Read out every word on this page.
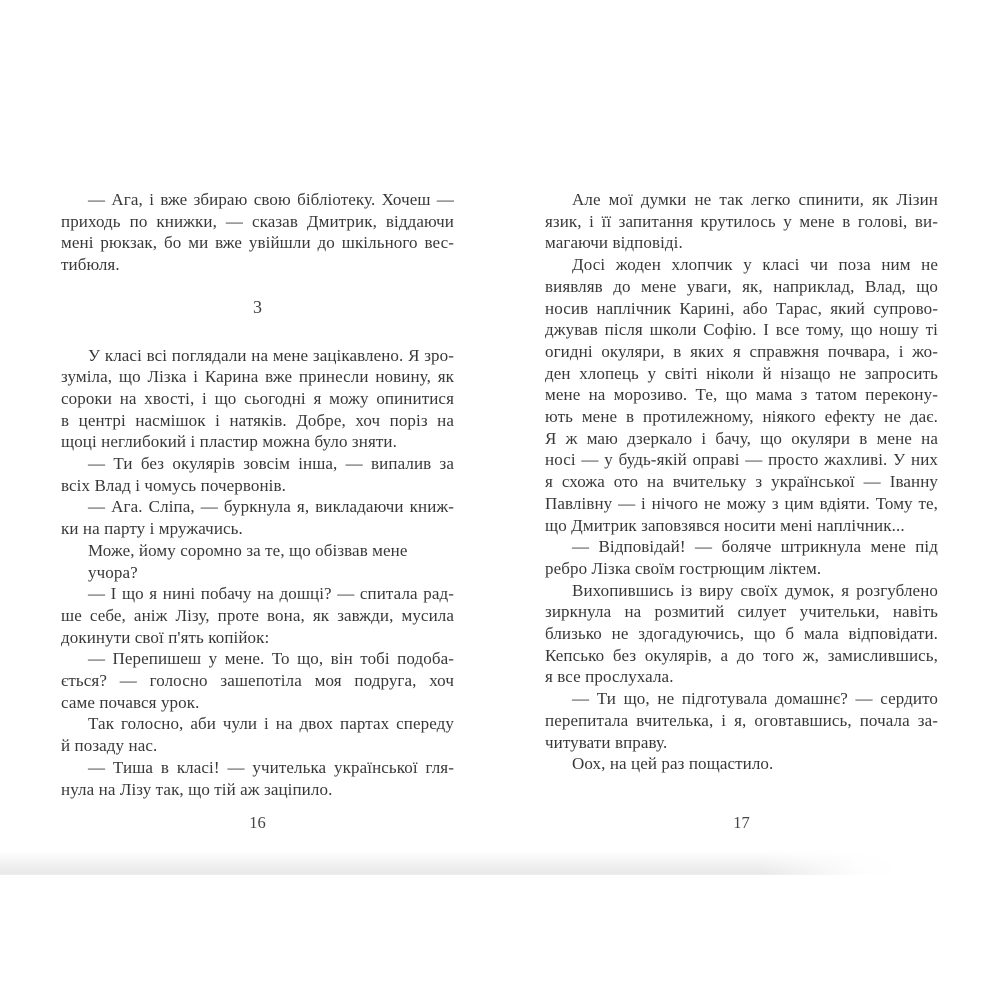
— Ага, і вже збираю свою бібліотеку. Хочеш —
приходь по книжки, — сказав Дмитрик, віддаючи
мені рюкзак, бо ми вже увійшли до шкільного вес-
тибюля.
3
У класі всі поглядали на мене зацікавлено. Я зро-
зуміла, що Лізка і Карина вже принесли новину, як
сороки на хвості, і що сьогодні я можу опинитися
в центрі насмішок і натяків. Добре, хоч поріз на
щоці неглибокий і пластир можна було зняти.
— Ти без окулярів зовсім інша, — випалив за
всіх Влад і чомусь почервонів.
— Ага. Сліпа, — буркнула я, викладаючи книж-
ки на парту і мружачись.
Може, йому соромно за те, що обізвав мене учора?
— І що я нині побачу на дошці? — спитала рад-
ше себе, аніж Лізу, проте вона, як завжди, мусила
докинути свої п'ять копійок:
— Перепишеш у мене. То що, він тобі подоба-
ється? — голосно зашепотіла моя подруга, хоч
саме почався урок.
Так голосно, аби чули і на двох партах спереду
й позаду нас.
— Тиша в класі! — учителька української гля-
нула на Лізу так, що тій аж заціпило.
16
Але мої думки не так легко спинити, як Лізин
язик, і її запитання крутилось у мене в голові, ви-
магаючи відповіді.
Досі жоден хлопчик у класі чи поза ним не
виявляв до мене уваги, як, наприклад, Влад, що
носив наплічник Карині, або Тарас, який супрово-
джував після школи Софію. І все тому, що ношу ті
огидні окуляри, в яких я справжня почвара, і жо-
ден хлопець у світі ніколи й нізащо не запросить
мене на морозиво. Те, що мама з татом перекону-
ють мене в протилежному, ніякого ефекту не дає.
Я ж маю дзеркало і бачу, що окуляри в мене на
носі — у будь-якій оправі — просто жахливі. У них
я схожа ото на вчительку з української — Іванну
Павлівну — і нічого не можу з цим вдіяти. Тому те,
що Дмитрик заповзявся носити мені наплічник...
— Відповідай! — боляче штрикнула мене під
ребро Лізка своїм гострющим ліктем.
Вихопившись із виру своїх думок, я розгублено
зиркнула на розмитий силует учительки, навіть
близько не здогадуючись, що б мала відповідати.
Кепсько без окулярів, а до того ж, замислившись,
я все прослухала.
— Ти що, не підготувала домашнє? — сердито
перепитала вчителька, і я, оговтавшись, почала за-
читувати вправу.
Оох, на цей раз пощастило.
17
